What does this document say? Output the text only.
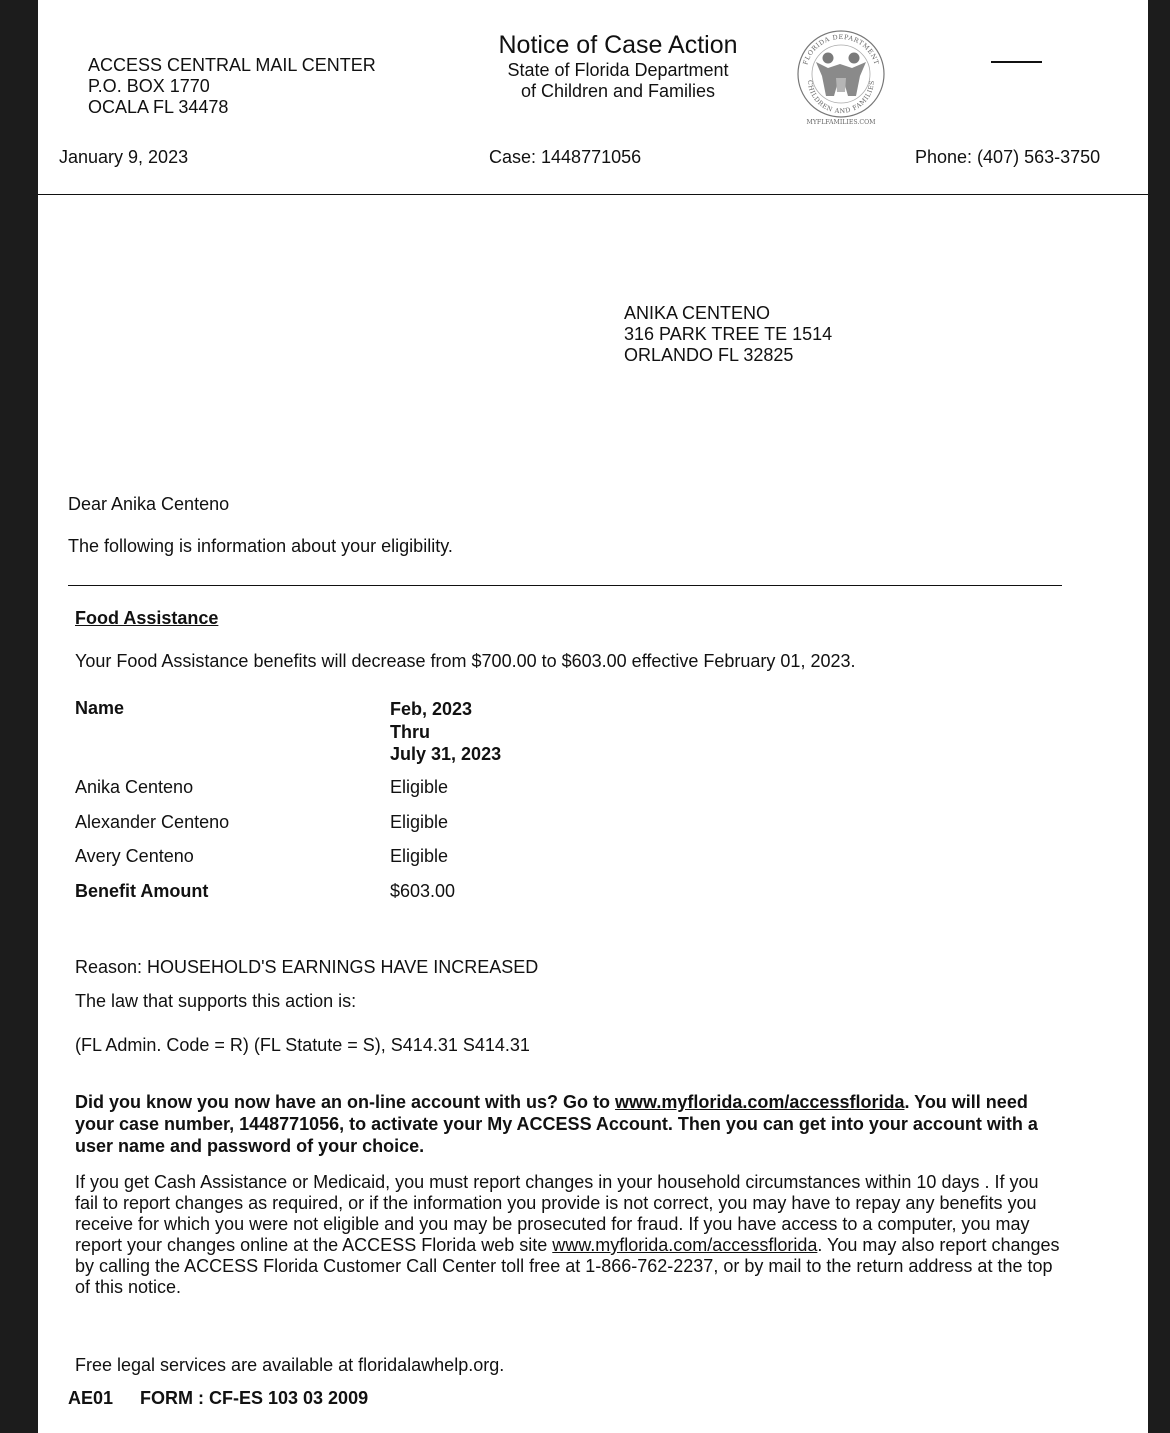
ACCESS CENTRAL MAIL CENTER
P.O. BOX 1770
OCALA FL 34478
Notice of Case Action
State of Florida Department
of Children and Families
FLORIDA DEPARTMENT
CHILDREN AND FAMILIES
MYFLFAMILIES.COM
January 9, 2023	Case: 1448771056	Phone: (407) 563-3750
ANIKA CENTENO
316 PARK TREE TE 1514
ORLANDO FL 32825
Dear Anika Centeno
The following is information about your eligibility.
Food Assistance
Your Food Assistance benefits will decrease from $700.00 to $603.00 effective February 01, 2023.
Name	Feb, 2023
Thru
July 31, 2023
Anika Centeno	Eligible
Alexander Centeno	Eligible
Avery Centeno	Eligible
Benefit Amount	$603.00
Reason: HOUSEHOLD'S EARNINGS HAVE INCREASED
The law that supports this action is:
(FL Admin. Code = R) (FL Statute = S), S414.31 S414.31
Did you know you now have an on-line account with us? Go to www.myflorida.com/accessflorida. You will need your case number, 1448771056, to activate your My ACCESS Account. Then you can get into your account with a user name and password of your choice.
If you get Cash Assistance or Medicaid, you must report changes in your household circumstances within 10 days . If you fail to report changes as required, or if the information you provide is not correct, you may have to repay any benefits you receive for which you were not eligible and you may be prosecuted for fraud. If you have access to a computer, you may report your changes online at the ACCESS Florida web site www.myflorida.com/accessflorida. You may also report changes by calling the ACCESS Florida Customer Call Center toll free at 1-866-762-2237, or by mail to the return address at the top of this notice.
Free legal services are available at floridalawhelp.org.
AE01 FORM : CF-ES 103 03 2009
